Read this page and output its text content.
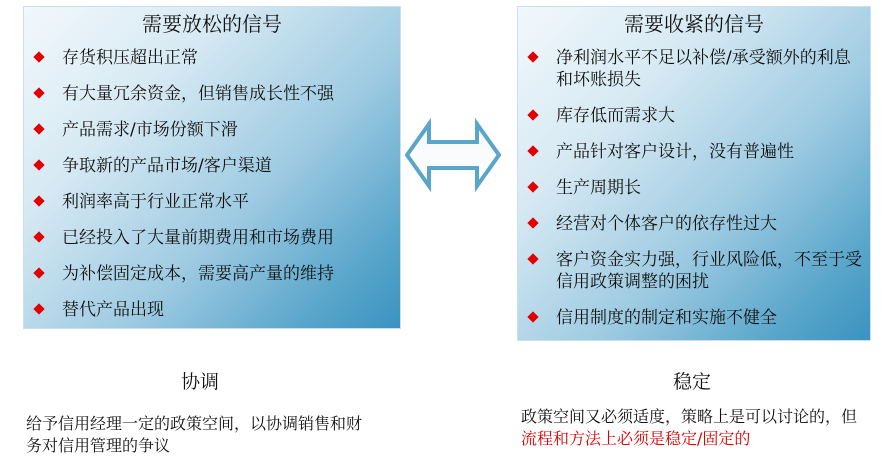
需要放松的信号
存货积压超出正常
有大量冗余资金，但销售成长性不强
产品需求/市场份额下滑
争取新的产品市场/客户渠道
利润率高于行业正常水平
已经投入了大量前期费用和市场费用
为补偿固定成本，需要高产量的维持
替代产品出现
需要收紧的信号
净利润水平不足以补偿/承受额外的利息和坏账损失
库存低而需求大
产品针对客户设计，没有普遍性
生产周期长
经营对个体客户的依存性过大
客户资金实力强，行业风险低，不至于受信用政策调整的困扰
信用制度的制定和实施不健全
协调	稳定
给予信用经理一定的政策空间，以协调销售和财务对信用管理的争议
政策空间又必须适度，策略上是可以讨论的，但流程和方法上必须是稳定/固定的
